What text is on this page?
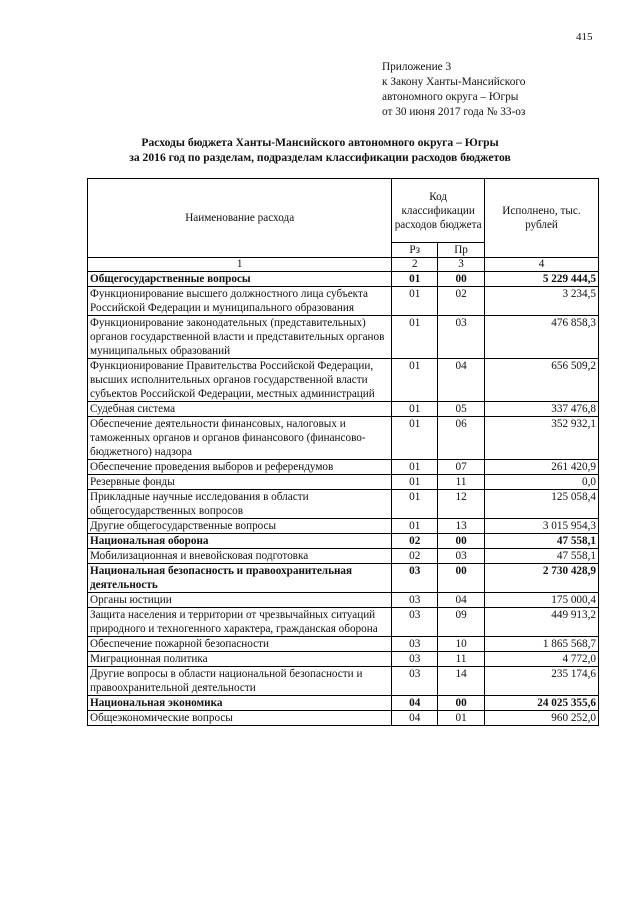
415
Приложение 3
к Закону Ханты-Мансийского
автономного округа – Югры
от 30 июня 2017 года № 33-оз
Расходы бюджета Ханты-Мансийского автономного округа – Югры
за 2016 год по разделам, подразделам классификации расходов бюджетов
Наименование расхода	Код классификации расходов бюджета		Исполнено, тыс. рублей
	Рз	Пр	
1	2	3	4
Общегосударственные вопросы	01	00	5 229 444,5
Функционирование высшего должностного лица субъекта Российской Федерации и муниципального образования	01	02	3 234,5
Функционирование законодательных (представительных) органов государственной власти и представительных органов муниципальных образований	01	03	476 858,3
Функционирование Правительства Российской Федерации, высших исполнительных органов государственной власти субъектов Российской Федерации, местных администраций	01	04	656 509,2
Судебная система	01	05	337 476,8
Обеспечение деятельности финансовых, налоговых и таможенных органов и органов финансового (финансово-бюджетного) надзора	01	06	352 932,1
Обеспечение проведения выборов и референдумов	01	07	261 420,9
Резервные фонды	01	11	0,0
Прикладные научные исследования в области общегосударственных вопросов	01	12	125 058,4
Другие общегосударственные вопросы	01	13	3 015 954,3
Национальная оборона	02	00	47 558,1
Мобилизационная и вневойсковая подготовка	02	03	47 558,1
Национальная безопасность и правоохранительная деятельность	03	00	2 730 428,9
Органы юстиции	03	04	175 000,4
Защита населения и территории от чрезвычайных ситуаций природного и техногенного характера, гражданская оборона	03	09	449 913,2
Обеспечение пожарной безопасности	03	10	1 865 568,7
Миграционная политика	03	11	4 772,0
Другие вопросы в области национальной безопасности и правоохранительной деятельности	03	14	235 174,6
Национальная экономика	04	00	24 025 355,6
Общеэкономические вопросы	04	01	960 252,0
